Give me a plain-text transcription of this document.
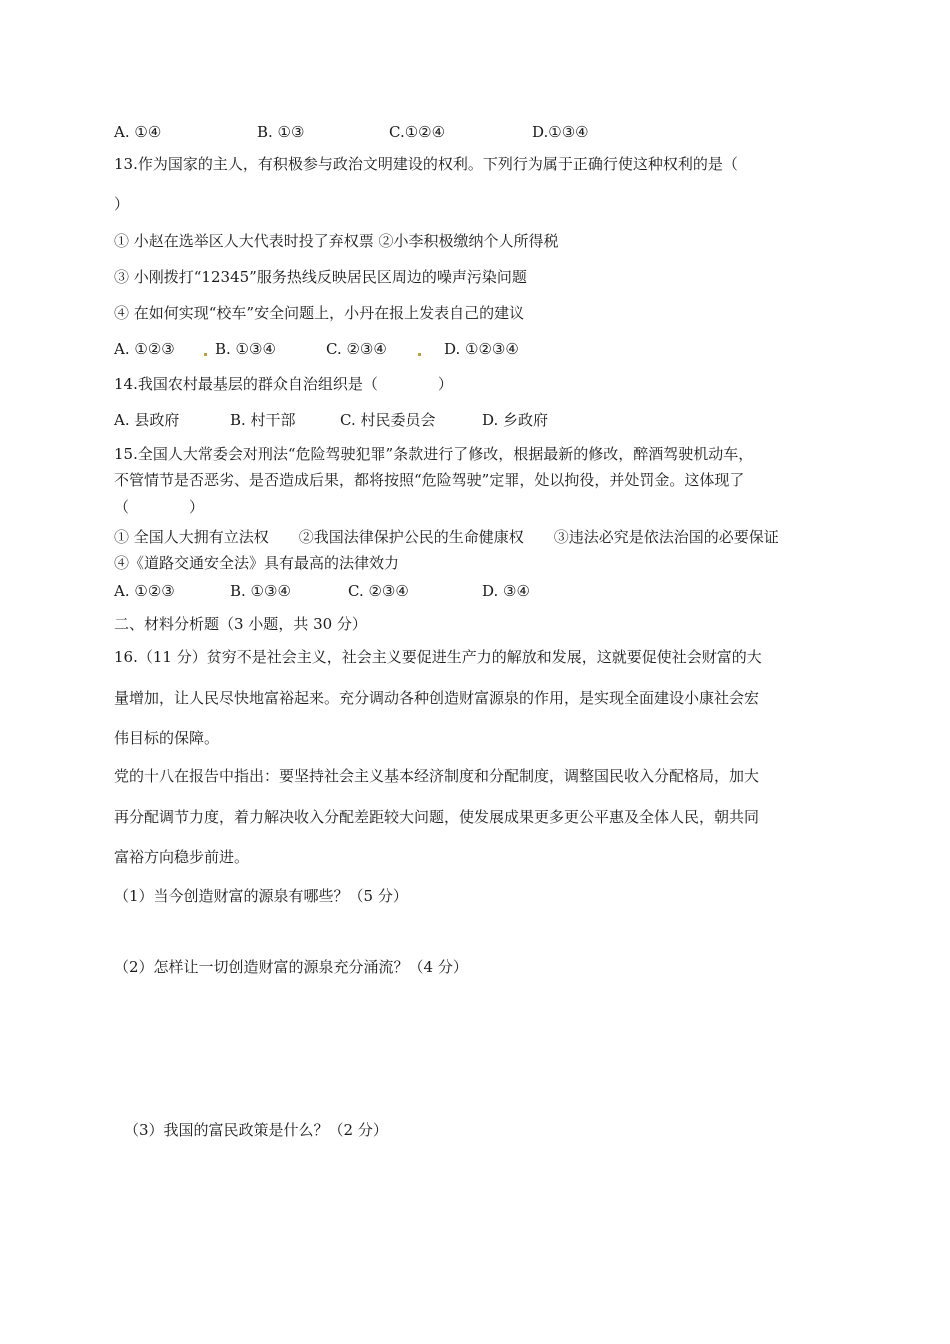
A. ①④	B. ①③	C.①②④	D.①③④
13.作为国家的主人，有积极参与政治文明建设的权利。下列行为属于正确行使这种权利的是（
）
① 小赵在选举区人大代表时投了弃权票 ②小李积极缴纳个人所得税
③ 小刚拨打“12345”服务热线反映居民区周边的噪声污染问题
④ 在如何实现“校车”安全问题上，小丹在报上发表自己的建议
A. ①②③	B. ①③④	C. ②③④	D. ①②③④
14.我国农村最基层的群众自治组织是（　　　　）
A. 县政府	B. 村干部	C. 村民委员会	D. 乡政府
15.全国人大常委会对刑法“危险驾驶犯罪”条款进行了修改，根据最新的修改，醉酒驾驶机动车，
不管情节是否恶劣、是否造成后果，都将按照“危险驾驶”定罪，处以拘役，并处罚金。这体现了
（　　　　）
① 全国人大拥有立法权　　②我国法律保护公民的生命健康权　　③违法必究是依法治国的必要保证
④《道路交通安全法》具有最高的法律效力
A. ①②③	B. ①③④	C. ②③④	D. ③④
二、材料分析题（3 小题，共 30 分）
16.（11 分）贫穷不是社会主义，社会主义要促进生产力的解放和发展，这就要促使社会财富的大
量增加，让人民尽快地富裕起来。充分调动各种创造财富源泉的作用，是实现全面建设小康社会宏
伟目标的保障。
党的十八在报告中指出：要坚持社会主义基本经济制度和分配制度，调整国民收入分配格局，加大
再分配调节力度，着力解决收入分配差距较大问题，使发展成果更多更公平惠及全体人民，朝共同
富裕方向稳步前进。
（1）当今创造财富的源泉有哪些？（5 分）
（2）怎样让一切创造财富的源泉充分涌流？（4 分）
（3）我国的富民政策是什么？（2 分）
